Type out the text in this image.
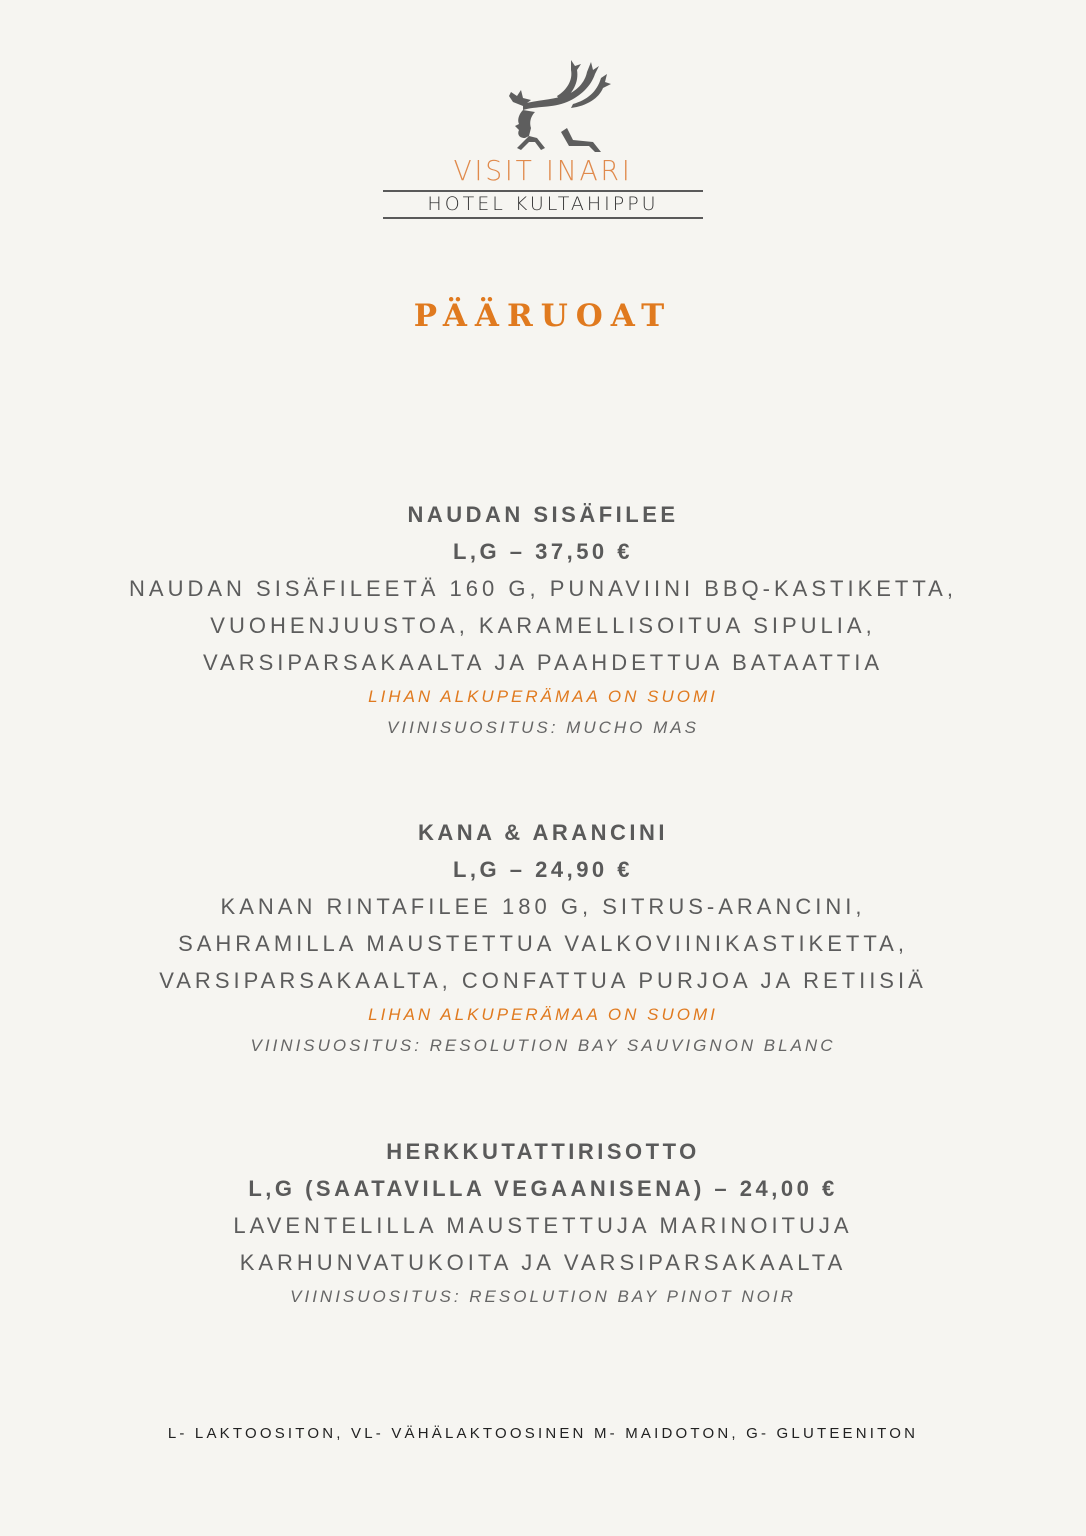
VISIT INARI
HOTEL KULTAHIPPU
PÄÄRUOAT
NAUDAN SISÄFILEE
L,G – 37,50 €
NAUDAN SISÄFILEETÄ 160 G, PUNAVIINI BBQ-KASTIKETTA,
VUOHENJUUSTOA, KARAMELLISOITUA SIPULIA,
VARSIPARSAKAALTA JA PAAHDETTUA BATAATTIA
LIHAN ALKUPERÄMAA ON SUOMI
VIINISUOSITUS: MUCHO MAS
KANA & ARANCINI
L,G – 24,90 €
KANAN RINTAFILEE 180 G, SITRUS-ARANCINI,
SAHRAMILLA MAUSTETTUA VALKOVIINIKASTIKETTA,
VARSIPARSAKAALTA, CONFATTUA PURJOA JA RETIISIÄ
LIHAN ALKUPERÄMAA ON SUOMI
VIINISUOSITUS: RESOLUTION BAY SAUVIGNON BLANC
HERKKUTATTIRISOTTO
L,G (SAATAVILLA VEGAANISENA) – 24,00 €
LAVENTELILLA MAUSTETTUJA MARINOITUJA
KARHUNVATUKOITA JA VARSIPARSAKAALTA
VIINISUOSITUS: RESOLUTION BAY PINOT NOIR
L- LAKTOOSITON, VL- VÄHÄLAKTOOSINEN M- MAIDOTON, G- GLUTEENITON
